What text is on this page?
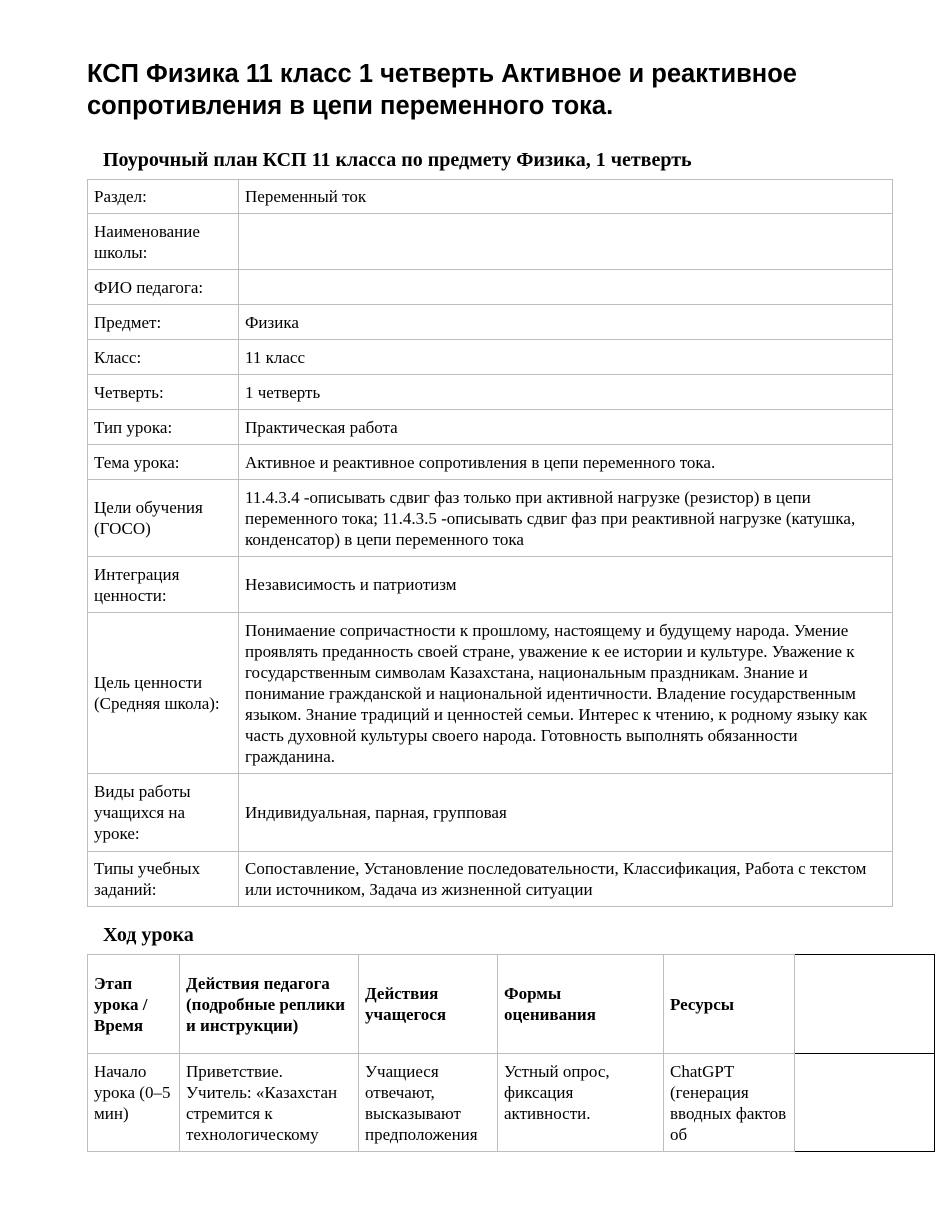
КСП Физика 11 класс 1 четверть Активное и реактивное сопротивления в цепи переменного тока.
Поурочный план КСП 11 класса по предмету Физика, 1 четверть
Раздел:	Переменный ток
Наименование школы:	
ФИО педагога:	
Предмет:	Физика
Класс:	11 класс
Четверть:	1 четверть
Тип урока:	Практическая работа
Тема урока:	Активное и реактивное сопротивления в цепи переменного тока.
Цели обучения (ГОСО)	11.4.3.4 -описывать сдвиг фаз только при активной нагрузке (резистор) в цепи переменного тока; 11.4.3.5 -описывать сдвиг фаз при реактивной нагрузке (катушка, конденсатор) в цепи переменного тока
Интеграция ценности:	Независимость и патриотизм
Цель ценности (Средняя школа):	Понимаение сопричастности к прошлому, настоящему и будущему народа. Умение проявлять преданность своей стране, уважение к ее истории и культуре. Уважение к государственным символам Казахстана, национальным праздникам. Знание и понимание гражданской и национальной идентичности. Владение государственным языком. Знание традиций и ценностей семьи. Интерес к чтению, к родному языку как часть духовной культуры своего народа. Готовность выполнять обязанности гражданина.
Виды работы учащихся на уроке:	Индивидуальная, парная, групповая
Типы учебных заданий:	Сопоставление, Установление последовательности, Классификация, Работа с текстом или источником, Задача из жизненной ситуации
Ход урока
Этап урока / Время	Действия педагога (подробные реплики и инструкции)	Действия учащегося	Формы оценивания	Ресурсы	
Начало урока (0–5 мин)	Приветствие. Учитель: «Казахстан стремится к технологическому	Учащиеся отвечают, высказывают предположения	Устный опрос, фиксация активности.	ChatGPT (генерация вводных фактов об	
